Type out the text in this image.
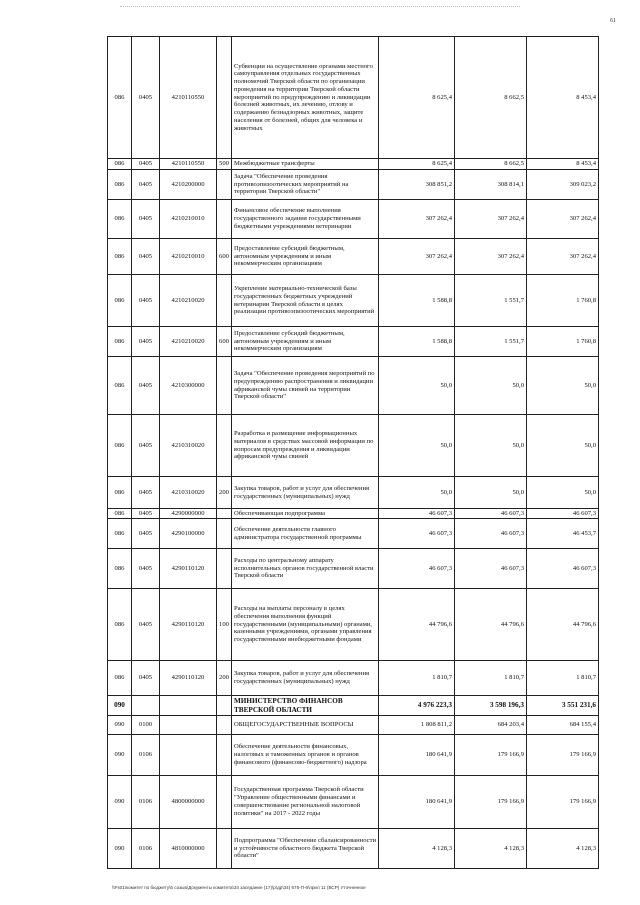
61
086	0405	4210110550		Субвенции на осуществление органами местного самоуправления отдельных государственных полномочий Тверской области по организации проведения на территории Тверской области мероприятий по предупреждению и ликвидации болезней животных, их лечению, отлову и содержанию безнадзорных животных, защите населения от болезней, общих для человека и животных	8 625,4	8 662,5	8 453,4
086	0405	4210110550	500	Межбюджетные трансферты	8 625,4	8 662,5	8 453,4
086	0405	4210200000		Задача "Обеспечение проведения противоэпизоотических мероприятий на территории Тверской области"	308 851,2	308 814,1	309 023,2
086	0405	4210210010		Финансовое обеспечение выполнения государственного задания государственными бюджетными учреждениями ветеринарии	307 262,4	307 262,4	307 262,4
086	0405	4210210010	600	Предоставление субсидий бюджетным, автономным учреждениям и иным некоммерческим организациям	307 262,4	307 262,4	307 262,4
086	0405	4210210020		Укрепление материально-технической базы государственных бюджетных учреждений ветеринарии Тверской области в целях реализации противоэпизоотических мероприятий	1 588,8	1 551,7	1 760,8
086	0405	4210210020	600	Предоставление субсидий бюджетным, автономным учреждениям и иным некоммерческим организациям	1 588,8	1 551,7	1 760,8
086	0405	4210300000		Задача "Обеспечение проведения мероприятий по предупреждению распространения и ликвидации африканской чумы свиней на территории Тверской области"	50,0	50,0	50,0
086	0405	4210310020		Разработка и размещение информационных материалов в средствах массовой информации по вопросам предупреждения и ликвидации африканской чумы свиней	50,0	50,0	50,0
086	0405	4210310020	200	Закупка товаров, работ и услуг для обеспечения государственных (муниципальных) нужд	50,0	50,0	50,0
086	0405	4290000000		Обеспечивающая подпрограмма	46 607,3	46 607,3	46 607,3
086	0405	4290100000		Обеспечение деятельности главного администратора государственной программы	46 607,3	46 607,3	46 453,7
086	0405	4290110120		Расходы по центральному аппарату исполнительных органов государственной власти Тверской области	46 607,3	46 607,3	46 607,3
086	0405	4290110120	100	Расходы на выплаты персоналу в целях обеспечения выполнения функций государственными (муниципальными) органами, казенными учреждениями, органами управления государственными внебюджетными фондами	44 796,6	44 796,6	44 796,6
086	0405	4290110120	200	Закупка товаров, работ и услуг для обеспечения государственных (муниципальных) нужд	1 810,7	1 810,7	1 810,7
090				МИНИСТЕРСТВО ФИНАНСОВ ТВЕРСКОЙ ОБЛАСТИ	4 976 223,3	3 598 196,3	3 551 231,6
090	0100			ОБЩЕГОСУДАРСТВЕННЫЕ ВОПРОСЫ	1 808 811,2	684 203,4	684 155,4
090	0106			Обеспечение деятельности финансовых, налоговых и таможенных органов и органов финансового (финансово-бюджетного) надзора	180 641,9	179 166,9	179 166,9
090	0106	4800000000		Государственная программа Тверской области "Управление общественными финансами и совершенствование региональной налоговой политики" на 2017 - 2022 годы	180 641,9	179 166,9	179 166,9
090	0106	4810000000		Подпрограмма "Обеспечение сбалансированности и устойчивости областного бюджета Тверской области"	4 128,3	4 128,3	4 128,3
\\Fs01\комитет по бюджету\6 созыв\Документы комитета\34 заседание (17)\р\др\34) 675-П-6\прил 11 (ВСР) Уточненное
